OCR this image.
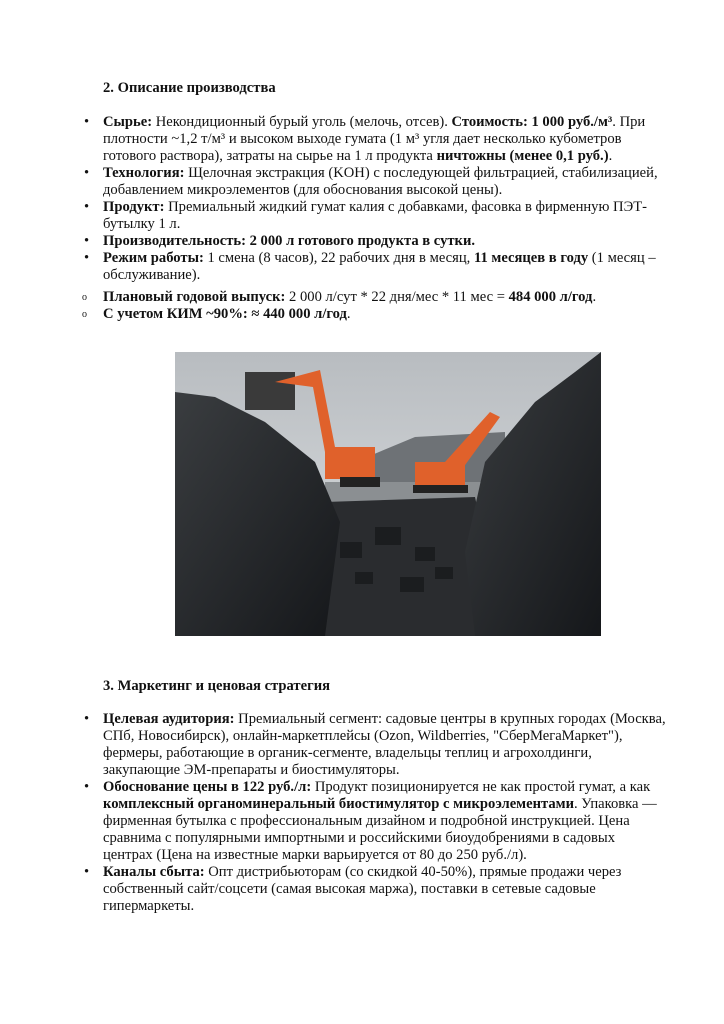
2. Описание производства
• Сырье: Некондиционный бурый уголь (мелочь, отсев). Стоимость: 1 000 руб./м³. При плотности ~1,2 т/м³ и высоком выходе гумата (1 м³ угля дает несколько кубометров готового раствора), затраты на сырье на 1 л продукта ничтожны (менее 0,1 руб.).
• Технология: Щелочная экстракция (KOH) с последующей фильтрацией, стабилизацией, добавлением микроэлементов (для обоснования высокой цены).
• Продукт: Премиальный жидкий гумат калия с добавками, фасовка в фирменную ПЭТ-бутылку 1 л.
• Производительность: 2 000 л готового продукта в сутки.
• Режим работы: 1 смена (8 часов), 22 рабочих дня в месяц, 11 месяцев в году (1 месяц – обслуживание).
o Плановый годовой выпуск: 2 000 л/сут * 22 дня/мес * 11 мес = 484 000 л/год.
o С учетом КИМ ~90%: ≈ 440 000 л/год.
3. Маркетинг и ценовая стратегия
• Целевая аудитория: Премиальный сегмент: садовые центры в крупных городах (Москва, СПб, Новосибирск), онлайн-маркетплейсы (Ozon, Wildberries, "СберМегаМаркет"), фермеры, работающие в органик-сегменте, владельцы теплиц и агрохолдинги, закупающие ЭМ-препараты и биостимуляторы.
• Обоснование цены в 122 руб./л: Продукт позиционируется не как простой гумат, а как комплексный органоминеральный биостимулятор с микроэлементами. Упаковка — фирменная бутылка с профессиональным дизайном и подробной инструкцией. Цена сравнима с популярными импортными и российскими биоудобрениями в садовых центрах (Цена на известные марки варьируется от 80 до 250 руб./л).
• Каналы сбыта: Опт дистрибьюторам (со скидкой 40-50%), прямые продажи через собственный сайт/соцсети (самая высокая маржа), поставки в сетевые садовые гипермаркеты.
